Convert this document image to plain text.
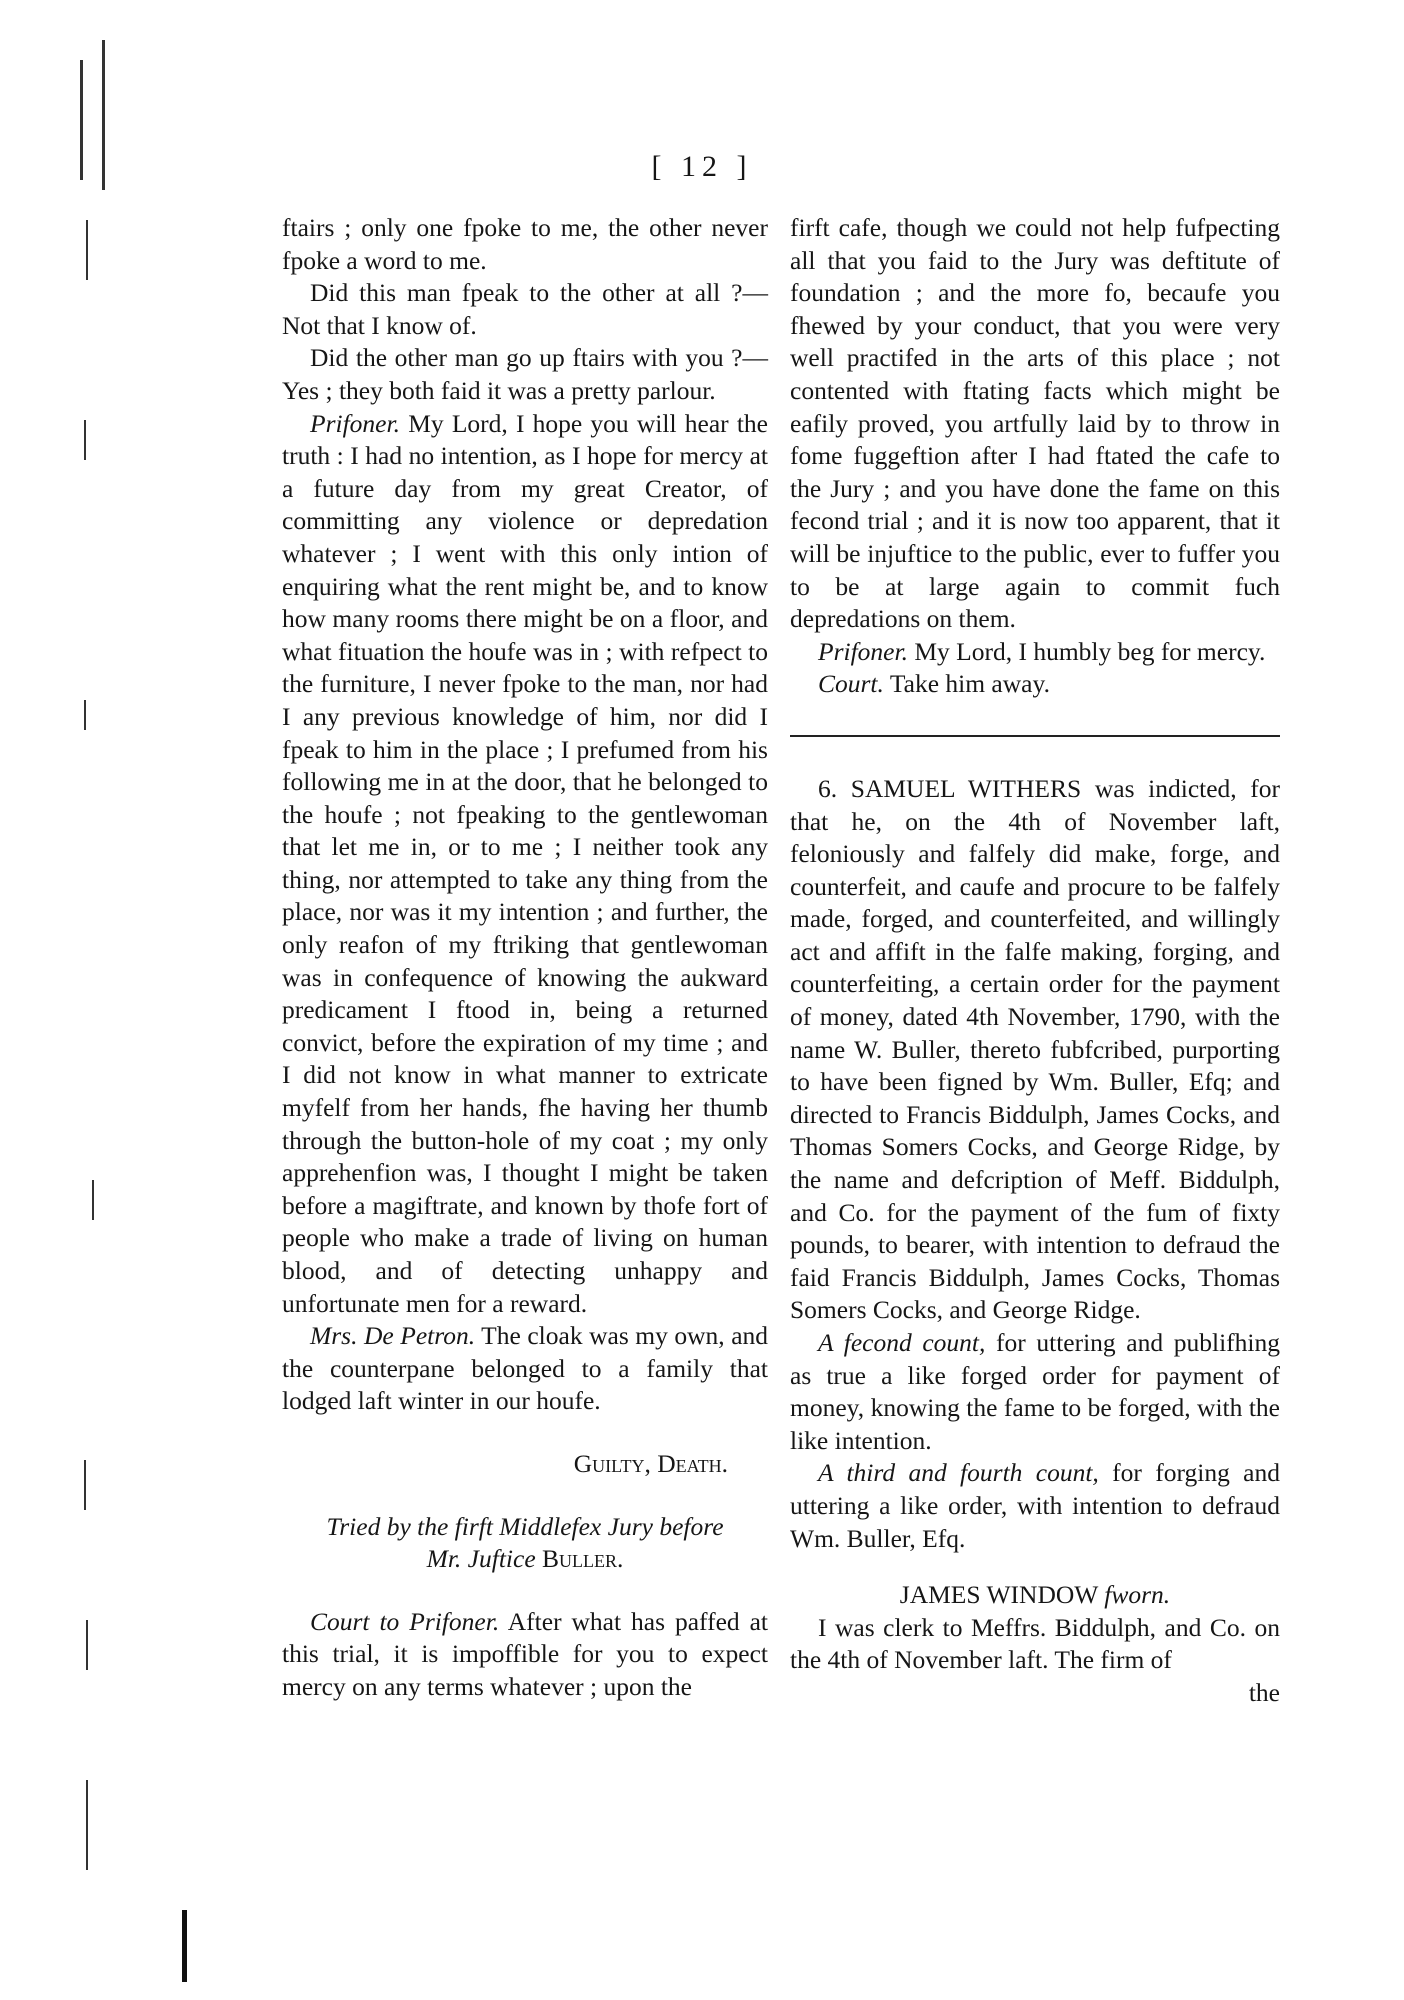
[ 12 ]

ftairs ; only one fpoke to me, the other never fpoke a word to me.

Did this man fpeak to the other at all ?— Not that I know of.

Did the other man go up ftairs with you ?—Yes ; they both faid it was a pretty parlour.

Prifoner. My Lord, I hope you will hear the truth : I had no intention, as I hope for mercy at a future day from my great Creator, of committing any violence or depredation whatever ; I went with this only intion of enquiring what the rent might be, and to know how many rooms there might be on a floor, and what fituation the houfe was in ; with refpect to the furniture, I never fpoke to the man, nor had I any previous knowledge of him, nor did I fpeak to him in the place ; I prefumed from his following me in at the door, that he belonged to the houfe ; not fpeaking to the gentlewoman that let me in, or to me ; I neither took any thing, nor attempted to take any thing from the place, nor was it my intention ; and further, the only reafon of my ftriking that gentlewoman was in confequence of knowing the aukward predicament I ftood in, being a returned convict, before the expiration of my time ; and I did not know in what manner to extricate myfelf from her hands, fhe having her thumb through the button-hole of my coat ; my only apprehenfion was, I thought I might be taken before a magiftrate, and known by thofe fort of people who make a trade of living on human blood, and of detecting unhappy and unfortunate men for a reward.

Mrs. De Petron. The cloak was my own, and the counterpane belonged to a family that lodged laft winter in our houfe.

Guilty, Death.

Tried by the firft Middlefex Jury before
Mr. Juftice Buller.

Court to Prifoner. After what has paffed at this trial, it is impoffible for you to expect mercy on any terms whatever ; upon the

firft cafe, though we could not help fufpecting all that you faid to the Jury was deftitute of foundation ; and the more fo, becaufe you fhewed by your conduct, that you were very well practifed in the arts of this place ; not contented with ftating facts which might be eafily proved, you artfully laid by to throw in fome fuggeftion after I had ftated the cafe to the Jury ; and you have done the fame on this fecond trial ; and it is now too apparent, that it will be injuftice to the public, ever to fuffer you to be at large again to commit fuch depredations on them.

Prifoner. My Lord, I humbly beg for mercy.

Court. Take him away.

6. SAMUEL WITHERS was indicted, for that he, on the 4th of November laft, feloniously and falfely did make, forge, and counterfeit, and caufe and procure to be falfely made, forged, and counterfeited, and willingly act and affift in the falfe making, forging, and counterfeiting, a certain order for the payment of money, dated 4th November, 1790, with the name W. Buller, thereto fubfcribed, purporting to have been figned by Wm. Buller, Efq; and directed to Francis Biddulph, James Cocks, and Thomas Somers Cocks, and George Ridge, by the name and defcription of Meff. Biddulph, and Co. for the payment of the fum of fixty pounds, to bearer, with intention to defraud the faid Francis Biddulph, James Cocks, Thomas Somers Cocks, and George Ridge.

A fecond count, for uttering and publifhing as true a like forged order for payment of money, knowing the fame to be forged, with the like intention.

A third and fourth count, for forging and uttering a like order, with intention to defraud Wm. Buller, Efq.

JAMES WINDOW fworn.

I was clerk to Meffrs. Biddulph, and Co. on the 4th of November laft. The firm of

the
